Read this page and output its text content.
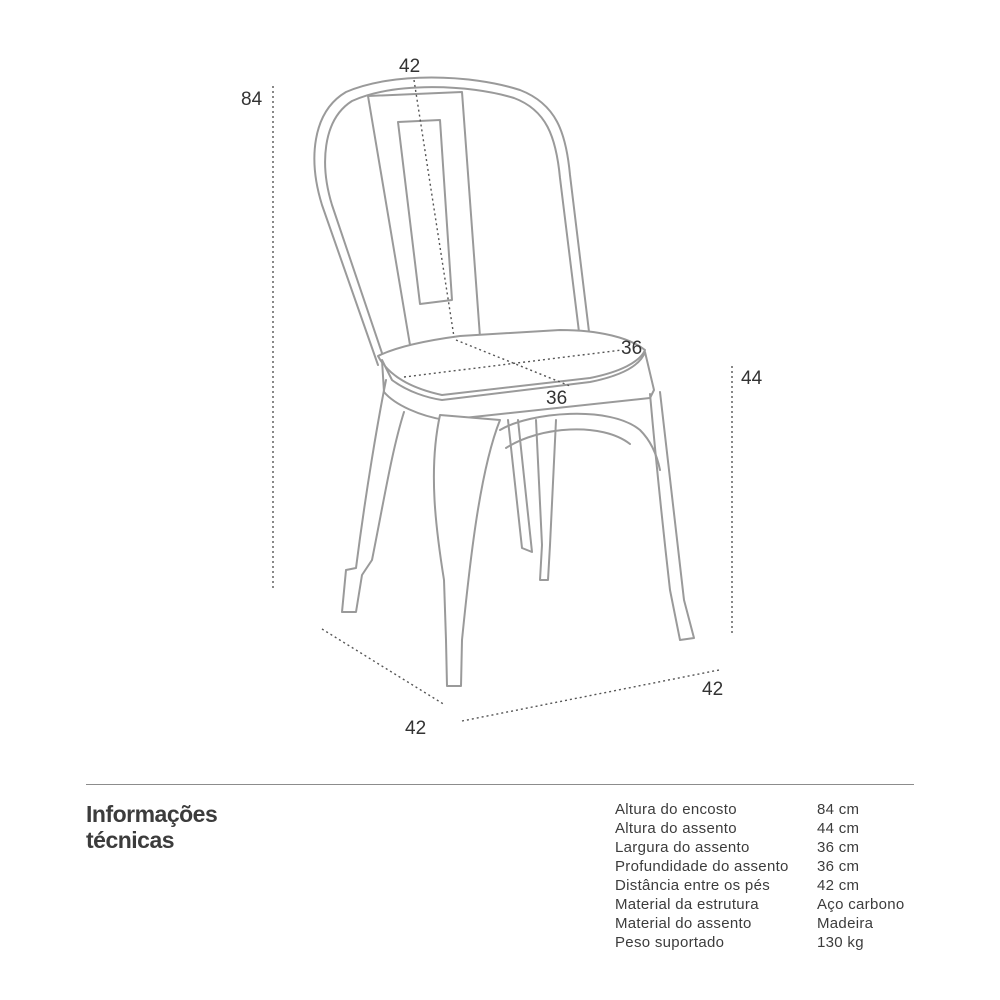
84
42
36
36
44
42
42
Informações
técnicas
Altura do encosto	84 cm
Altura do assento	44 cm
Largura do assento	36 cm
Profundidade do assento	36 cm
Distância entre os pés	42 cm
Material da estrutura	Aço carbono
Material do assento	Madeira
Peso suportado	130 kg
